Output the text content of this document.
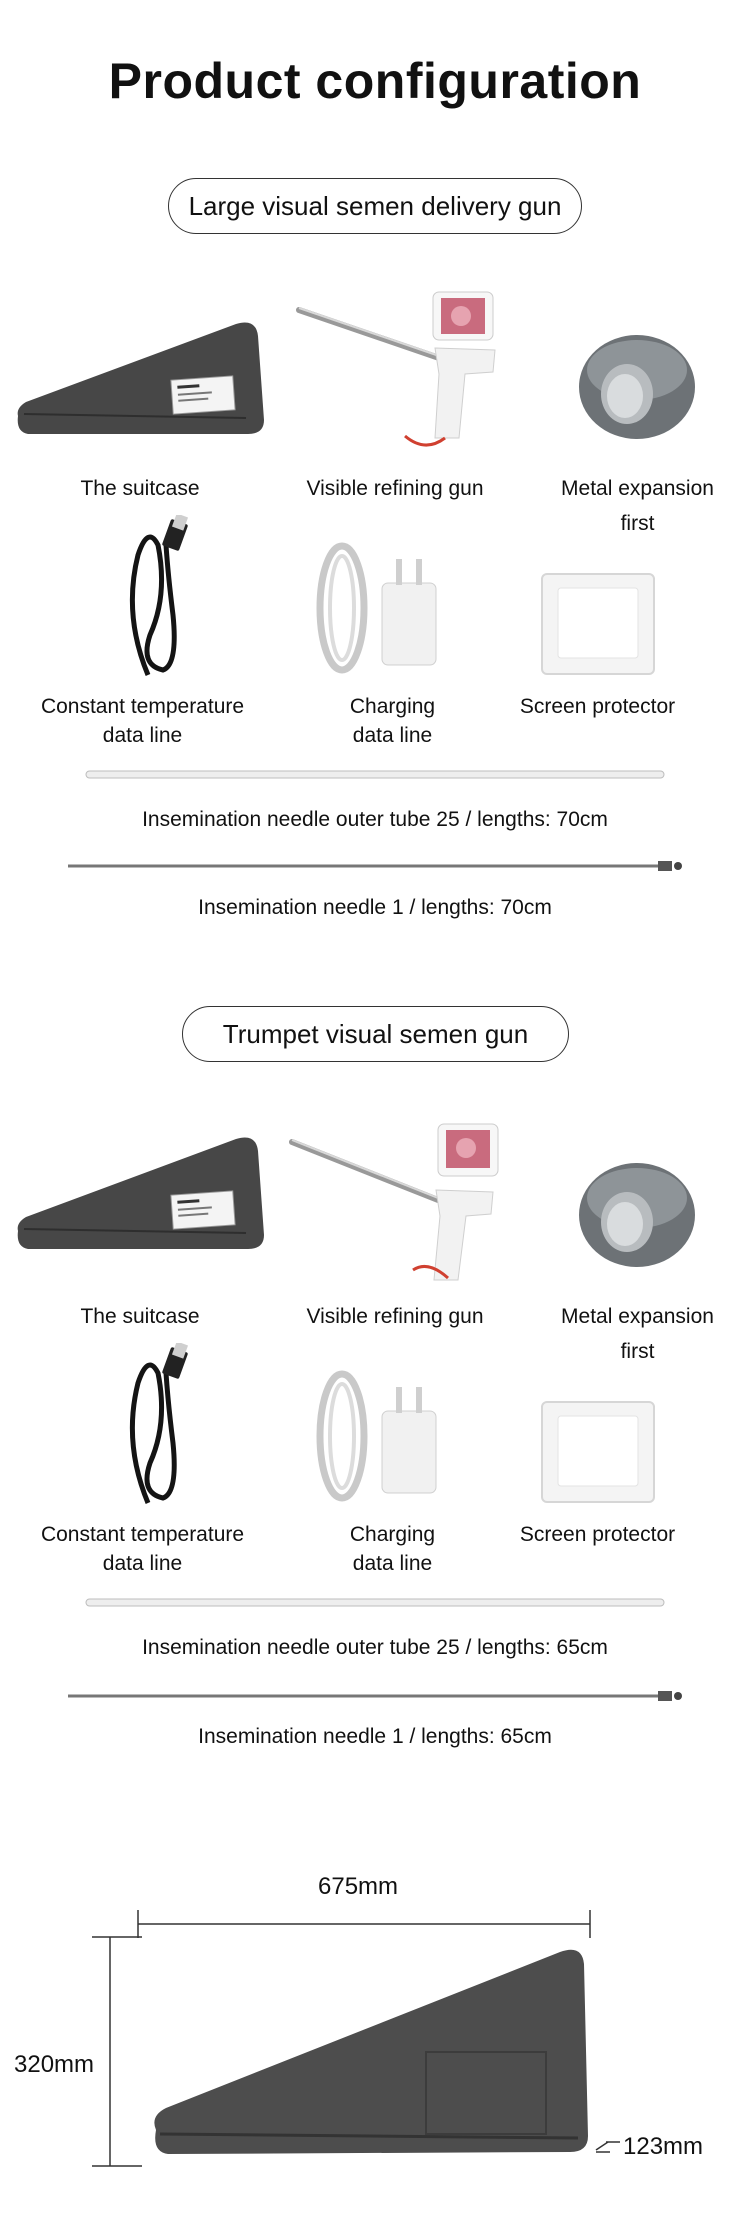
Product configuration
Large visual semen delivery gun
The suitcase	Visible refining gun	Metal expansion
first
Constant temperature
data line
Charging
data line
Screen protector
Insemination needle outer tube 25 / lengths: 70cm
Insemination needle 1 / lengths: 70cm
Trumpet visual semen gun
The suitcase	Visible refining gun	Metal expansion
first
Constant temperature
data line
Charging
data line
Screen protector
Insemination needle outer tube 25 / lengths: 65cm
Insemination needle 1 / lengths: 65cm
675mm
320mm
123mm
